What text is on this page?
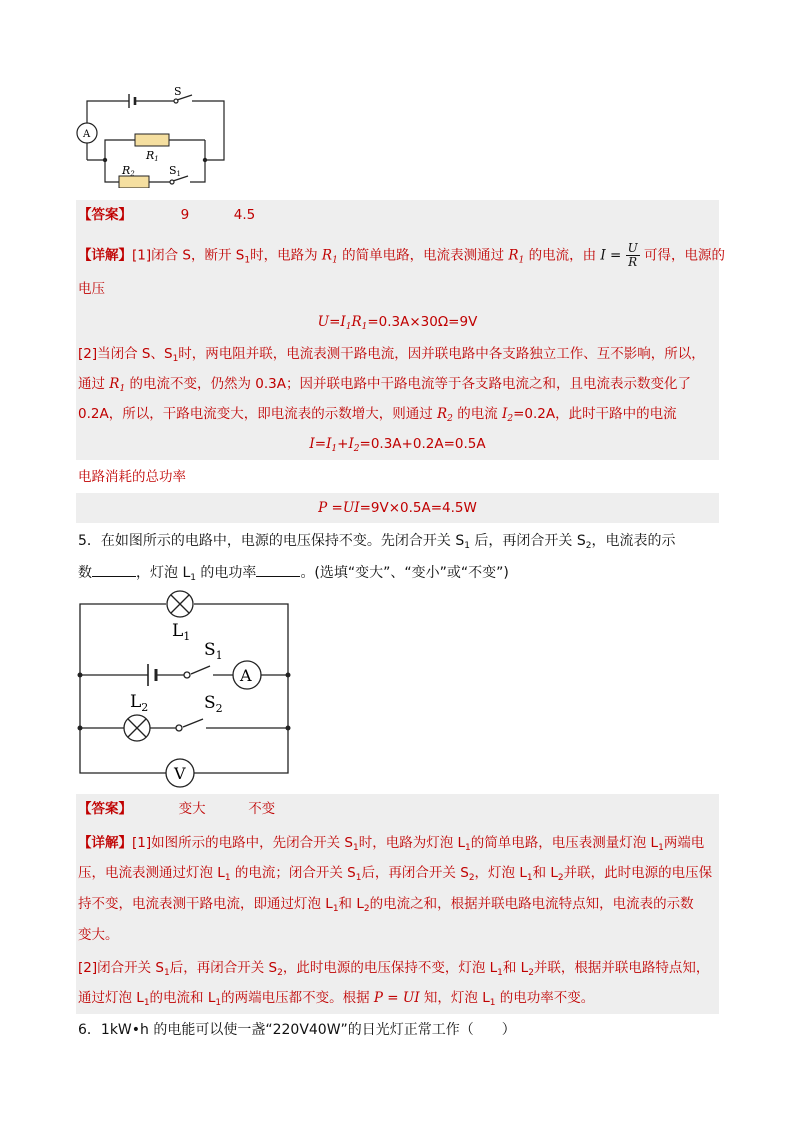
S
A
R1
R2	S1
【答案】	9	4.5
【详解】[1]闭合 S，断开 $S_1$时，电路为 $R_1$ 的简单电路，电流表测通过 $R_1$ 的电流，由 $I = \frac{U}{R}$ 可得，电源的
电压
$U=I_1R_1=0.3A\times 30\Omega=9V$
[2]当闭合 S、$S_1$时，两电阻并联，电流表测干路电流，因并联电路中各支路独立工作、互不影响，所以，
通过 $R_1$ 的电流不变，仍然为 0.3A；因并联电路中干路电流等于各支路电流之和，且电流表示数变化了
0.2A，所以，干路电流变大，即电流表的示数增大，则通过 $R_2$ 的电流 $I_2=0.2A$，此时干路中的电流
$I=I_1+I_2=0.3A+0.2A=0.5A$
电路消耗的总功率
P =UI=9V×0.5A=4.5W
5．在如图所示的电路中，电源的电压保持不变。先闭合开关 $S_1$ 后，再闭合开关 $S_2$，电流表的示
数	，灯泡 $L_1$ 的电功率	。(选填“变大”、“变小”或“不变”)
$L_1$
$S_1$
A
$L_2$	$S_2$
V
【答案】	变大	不变
【详解】[1]如图所示的电路中，先闭合开关 $S_1$时，电路为灯泡 $L_1$的简单电路，电压表测量灯泡 $L_1$两端电
压，电流表测通过灯泡 $L_1$ 的电流；闭合开关 $S_1$后，再闭合开关 $S_2$，灯泡 $L_1$和 $L_2$并联，此时电源的电压保
持不变，电流表测干路电流，即通过灯泡 $L_1$和 $L_2$的电流之和，根据并联电路电流特点知，电流表的示数
变大。
[2]闭合开关 $S_1$后，再闭合开关 $S_2$，此时电源的电压保持不变，灯泡 $L_1$和 $L_2$并联，根据并联电路特点知，
通过灯泡 $L_1$的电流和 $L_1$的两端电压都不变。根据 P = UI 知，灯泡 $L_1$ 的电功率不变。
6．1kW•h 的电能可以使一盏“220V40W”的日光灯正常工作（　　）
